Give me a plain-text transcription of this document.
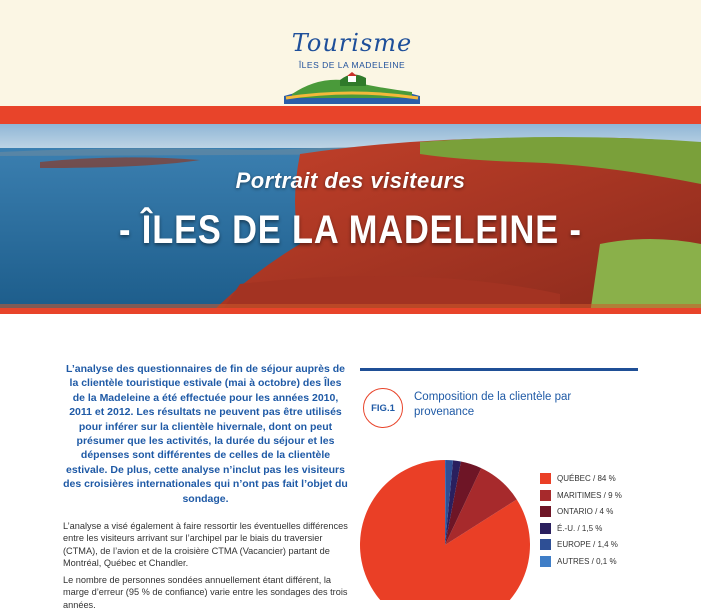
Tourisme
ÎLES DE LA MADELEINE
Portrait des visiteurs
- ÎLES DE LA MADELEINE -
L’analyse des questionnaires de fin de séjour auprès de la clientèle touristique estivale (mai à octobre) des Îles de la Madeleine a été effectuée pour les années 2010, 2011 et 2012. Les résultats ne peuvent pas être utilisés pour inférer sur la clientèle hivernale, dont on peut présumer que les activités, la durée du séjour et les dépenses sont différentes de celles de la clientèle estivale. De plus, cette analyse n’inclut pas les visiteurs des croisières internationales qui n’ont pas fait l’objet du sondage.
L’analyse a visé également à faire ressortir les éventuelles différences entre les visiteurs arrivant sur l’archipel par le biais du traversier (CTMA), de l’avion et de la croisière CTMA (Vacancier) partant de Montréal, Québec et Chandler.
Le nombre de personnes sondées annuellement étant différent, la marge d’erreur (95 % de confiance) varie entre les sondages des trois années.
FIG.1
Composition de la clientèle par provenance
QUÉBEC / 84 %
MARITIMES / 9 %
ONTARIO / 4 %
É.-U. / 1,5 %
EUROPE / 1,4 %
AUTRES / 0,1 %
